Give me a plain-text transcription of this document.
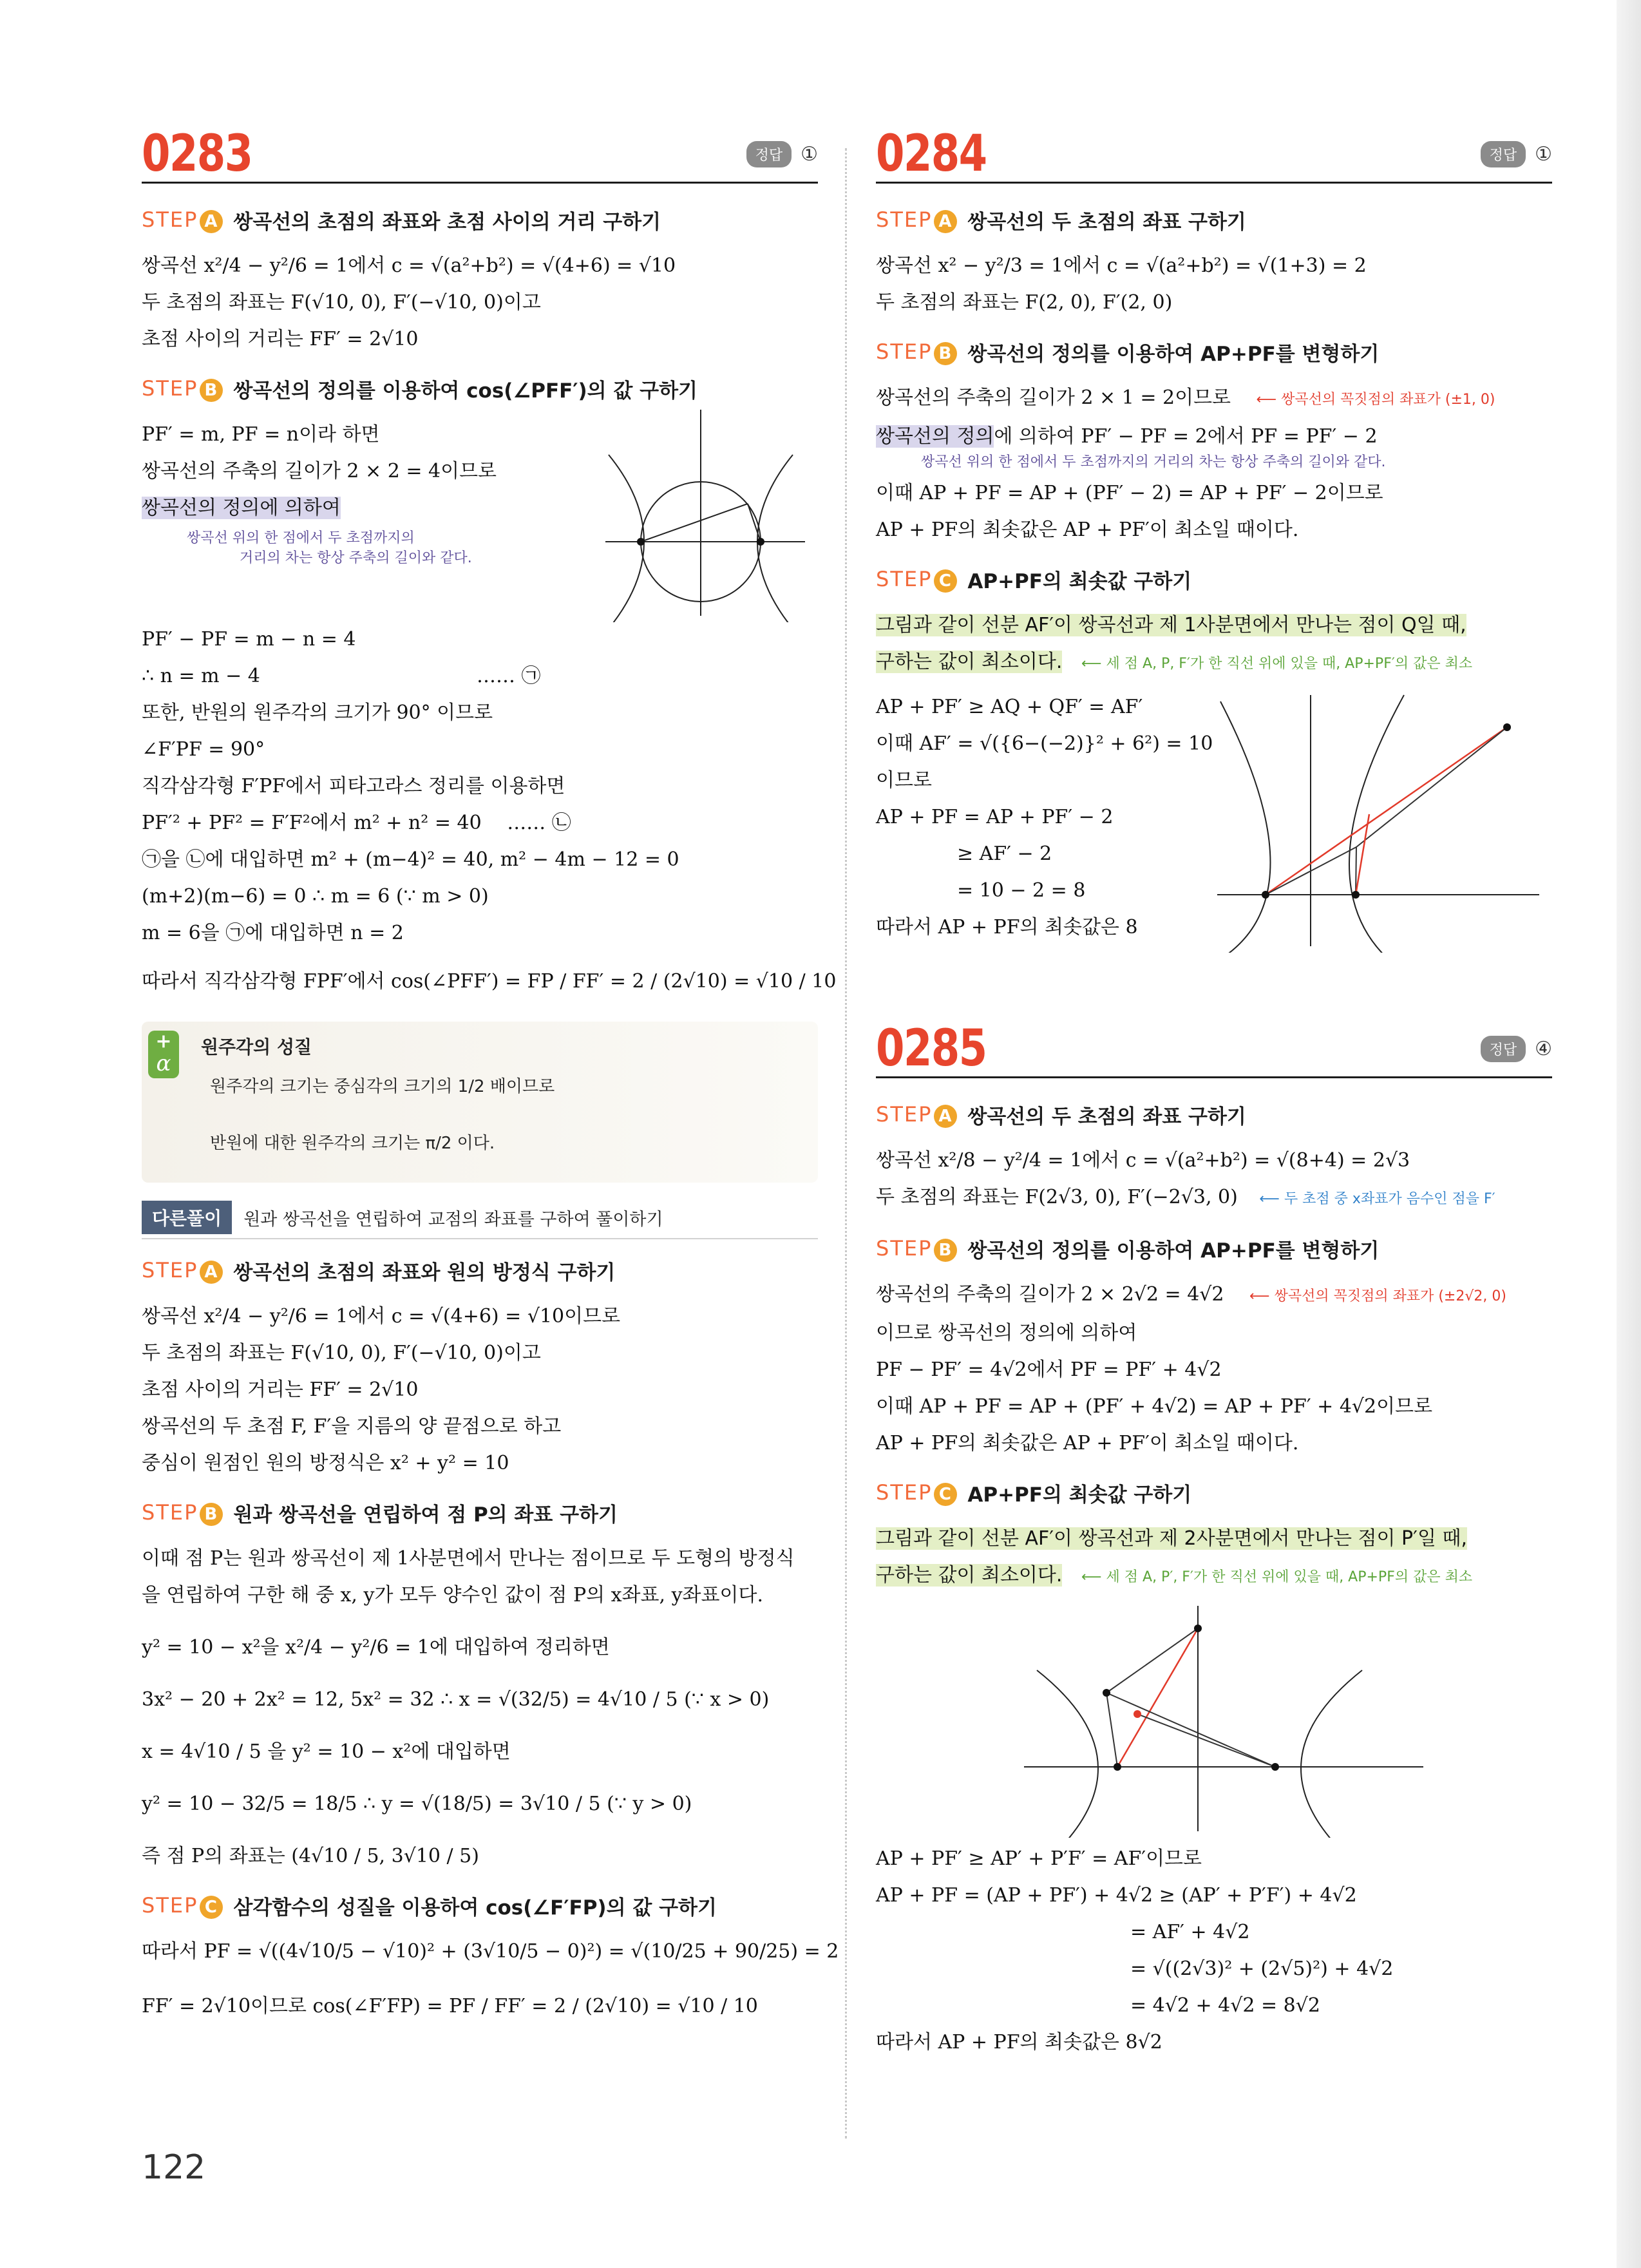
0283	정답 ①
STEP A 쌍곡선의 초점의 좌표와 초점 사이의 거리 구하기
쌍곡선 x²/4 − y²/6 = 1에서 c = √(a²+b²) = √(4+6) = √10
두 초점의 좌표는 F(√10, 0), F′(−√10, 0)이고
초점 사이의 거리는 FF′ = 2√10
STEP B 쌍곡선의 정의를 이용하여 cos(∠PFF′)의 값 구하기
PF′ = m, PF = n이라 하면
쌍곡선의 주축의 길이가 2 × 2 = 4이므로
쌍곡선의 정의에 의하여
쌍곡선 위의 한 점에서 두 초점까지의
거리의 차는 항상 주축의 길이와 같다.
PF′ − PF = m − n = 4
∴ n = m − 4	…… ㉠
또한, 반원의 원주각의 크기가 90° 이므로
∠F′PF = 90°
직각삼각형 F′PF에서 피타고라스 정리를 이용하면
PF′² + PF² = F′F²에서 m² + n² = 40 …… ㉡
㉠을 ㉡에 대입하면 m² + (m−4)² = 40, m² − 4m − 12 = 0
(m+2)(m−6) = 0 ∴ m = 6 (∵ m > 0)
m = 6을 ㉠에 대입하면 n = 2
따라서 직각삼각형 FPF′에서 cos(∠PFF′) = FP / FF′ = 2 / (2√10) = √10 / 10
+
α
원주각의 성질
원주각의 크기는 중심각의 크기의 1/2 배이므로
반원에 대한 원주각의 크기는 π/2 이다.
다른풀이	원과 쌍곡선을 연립하여 교점의 좌표를 구하여 풀이하기
STEP A 쌍곡선의 초점의 좌표와 원의 방정식 구하기
쌍곡선 x²/4 − y²/6 = 1에서 c = √(4+6) = √10이므로
두 초점의 좌표는 F(√10, 0), F′(−√10, 0)이고
초점 사이의 거리는 FF′ = 2√10
쌍곡선의 두 초점 F, F′을 지름의 양 끝점으로 하고
중심이 원점인 원의 방정식은 x² + y² = 10
STEP B 원과 쌍곡선을 연립하여 점 P의 좌표 구하기
이때 점 P는 원과 쌍곡선이 제 1사분면에서 만나는 점이므로 두 도형의 방정식
을 연립하여 구한 해 중 x, y가 모두 양수인 값이 점 P의 x좌표, y좌표이다.
y² = 10 − x²을 x²/4 − y²/6 = 1에 대입하여 정리하면
3x² − 20 + 2x² = 12, 5x² = 32 ∴ x = √(32/5) = 4√10 / 5 (∵ x > 0)
x = 4√10 / 5 을 y² = 10 − x²에 대입하면
y² = 10 − 32/5 = 18/5 ∴ y = √(18/5) = 3√10 / 5 (∵ y > 0)
즉 점 P의 좌표는 (4√10 / 5, 3√10 / 5)
STEP C 삼각함수의 성질을 이용하여 cos(∠F′FP)의 값 구하기
따라서 PF = √((4√10/5 − √10)² + (3√10/5 − 0)²) = √(10/25 + 90/25) = 2
FF′ = 2√10이므로 cos(∠F′FP) = PF / FF′ = 2 / (2√10) = √10 / 10
0284	정답 ①
STEP A 쌍곡선의 두 초점의 좌표 구하기
쌍곡선 x² − y²/3 = 1에서 c = √(a²+b²) = √(1+3) = 2
두 초점의 좌표는 F(2, 0), F′(2, 0)
STEP B 쌍곡선의 정의를 이용하여 AP+PF를 변형하기
쌍곡선의 주축의 길이가 2 × 1 = 2이므로 ⟵ 쌍곡선의 꼭짓점의 좌표가 (±1, 0)
쌍곡선의 정의에 의하여 PF′ − PF = 2에서 PF = PF′ − 2
쌍곡선 위의 한 점에서 두 초점까지의 거리의 차는 항상 주축의 길이와 같다.
이때 AP + PF = AP + (PF′ − 2) = AP + PF′ − 2이므로
AP + PF의 최솟값은 AP + PF′이 최소일 때이다.
STEP C AP+PF의 최솟값 구하기
그림과 같이 선분 AF′이 쌍곡선과 제 1사분면에서 만나는 점이 Q일 때,
구하는 값이 최소이다. ⟵ 세 점 A, P, F′가 한 직선 위에 있을 때, AP+PF′의 값은 최소
AP + PF′ ≥ AQ + QF′ = AF′
이때 AF′ = √({6−(−2)}² + 6²) = 10
이므로
AP + PF = AP + PF′ − 2
≥ AF′ − 2
= 10 − 2 = 8
따라서 AP + PF의 최솟값은 8
0285	정답 ④
STEP A 쌍곡선의 두 초점의 좌표 구하기
쌍곡선 x²/8 − y²/4 = 1에서 c = √(a²+b²) = √(8+4) = 2√3
두 초점의 좌표는 F(2√3, 0), F′(−2√3, 0) ⟵ 두 초점 중 x좌표가 음수인 점을 F′
STEP B 쌍곡선의 정의를 이용하여 AP+PF를 변형하기
쌍곡선의 주축의 길이가 2 × 2√2 = 4√2 ⟵ 쌍곡선의 꼭짓점의 좌표가 (±2√2, 0)
이므로 쌍곡선의 정의에 의하여
PF − PF′ = 4√2에서 PF = PF′ + 4√2
이때 AP + PF = AP + (PF′ + 4√2) = AP + PF′ + 4√2이므로
AP + PF의 최솟값은 AP + PF′이 최소일 때이다.
STEP C AP+PF의 최솟값 구하기
그림과 같이 선분 AF′이 쌍곡선과 제 2사분면에서 만나는 점이 P′일 때,
구하는 값이 최소이다. ⟵ 세 점 A, P′, F′가 한 직선 위에 있을 때, AP+PF의 값은 최소
AP + PF′ ≥ AP′ + P′F′ = AF′이므로
AP + PF = (AP + PF′) + 4√2 ≥ (AP′ + P′F′) + 4√2
= AF′ + 4√2
= √((2√3)² + (2√5)²) + 4√2
= 4√2 + 4√2 = 8√2
따라서 AP + PF의 최솟값은 8√2
122
